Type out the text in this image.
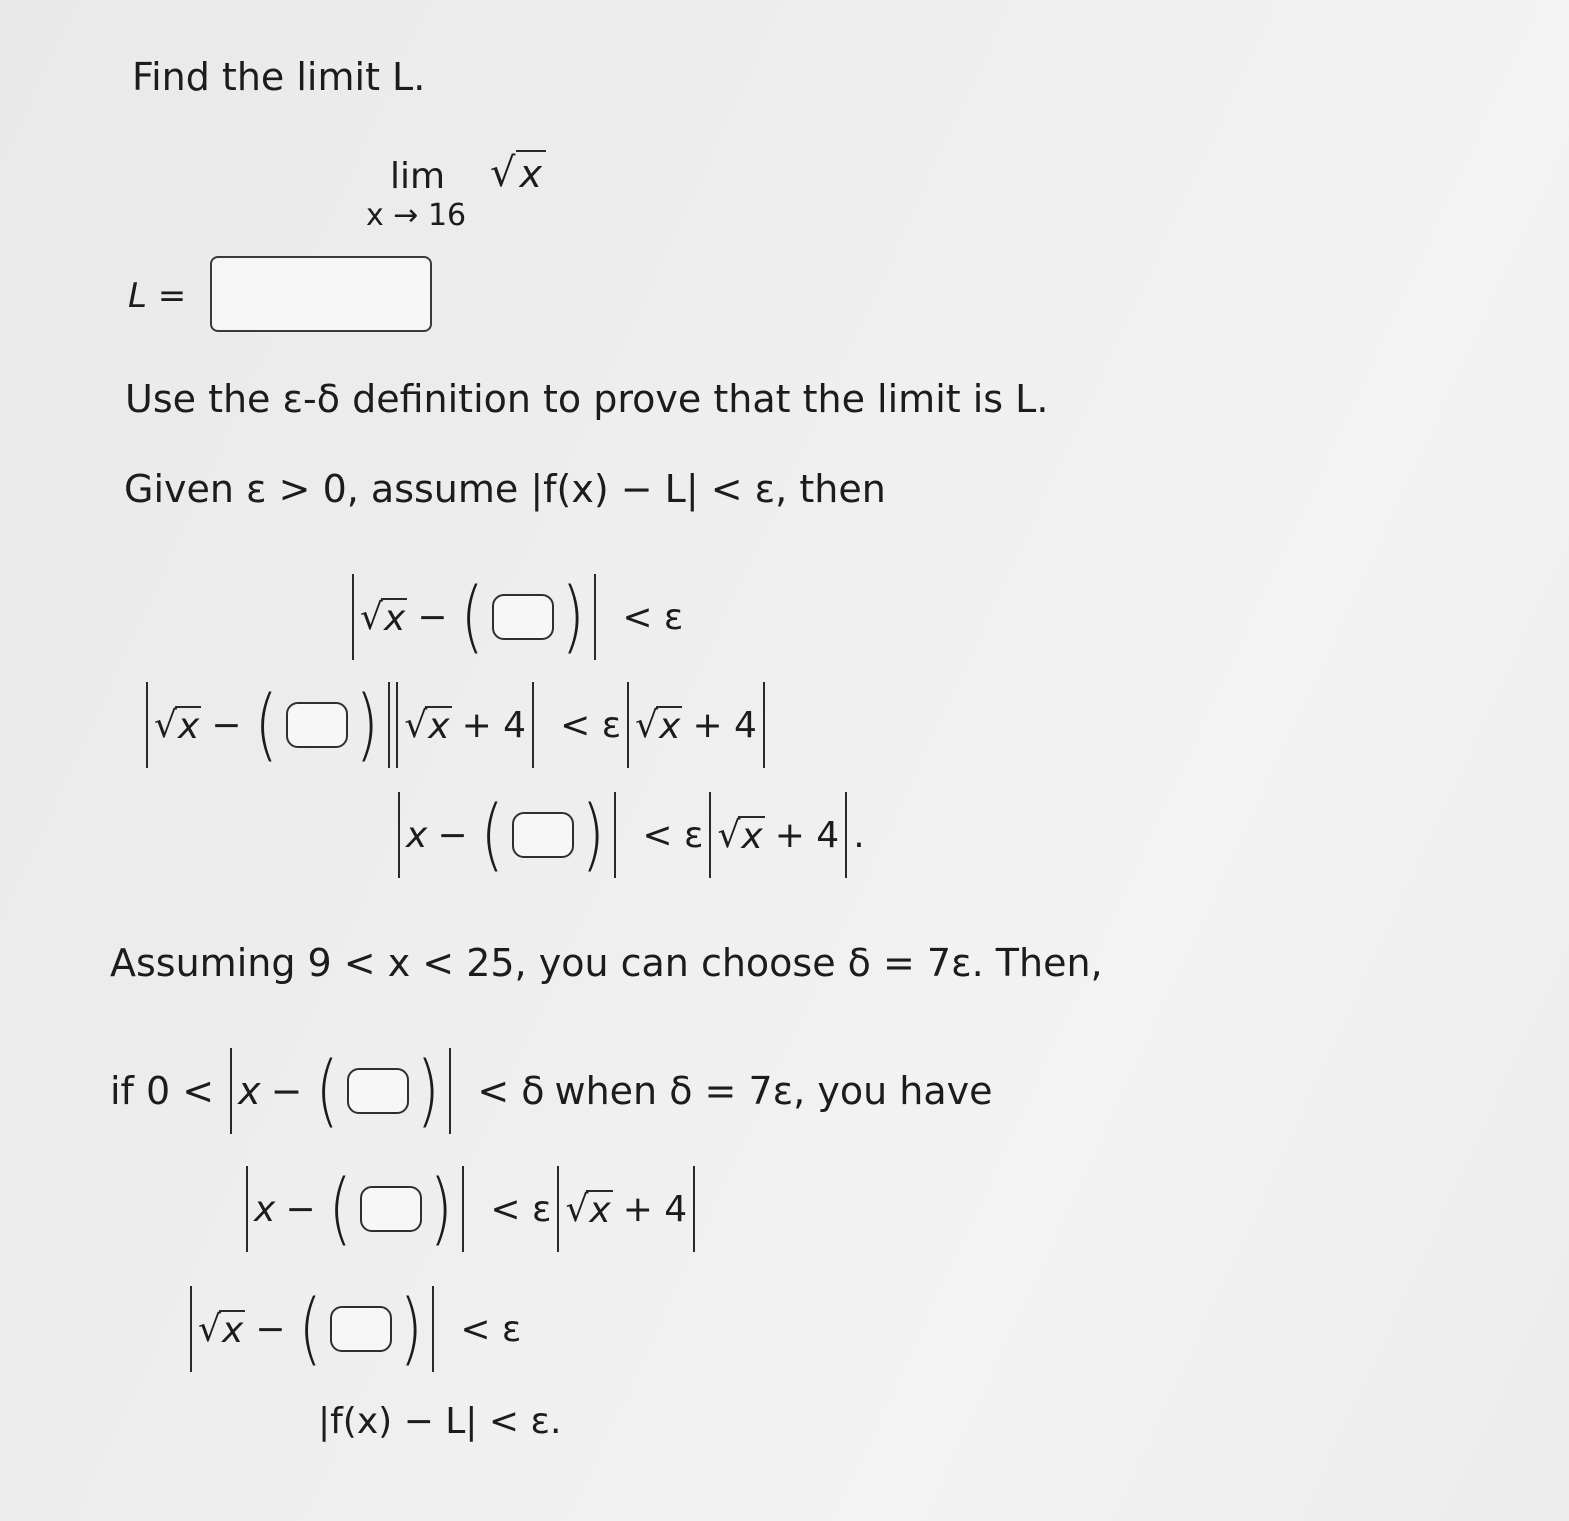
Find the limit L.
lim
x → 16
√ x
L =
Use the ε-δ definition to prove that the limit is L.
Given ε > 0, assume |f(x) − L| < ε, then
√ x − ( ) < ε
√ x − ( ) √ x + 4 < ε √ x + 4
x − ( ) < ε √ x + 4 .
Assuming 9 < x < 25, you can choose δ = 7ε. Then,
if 0 < x − ( ) < δ when δ = 7ε, you have
x − ( ) < ε √ x + 4
√ x − ( ) < ε
|f(x) − L| < ε.
